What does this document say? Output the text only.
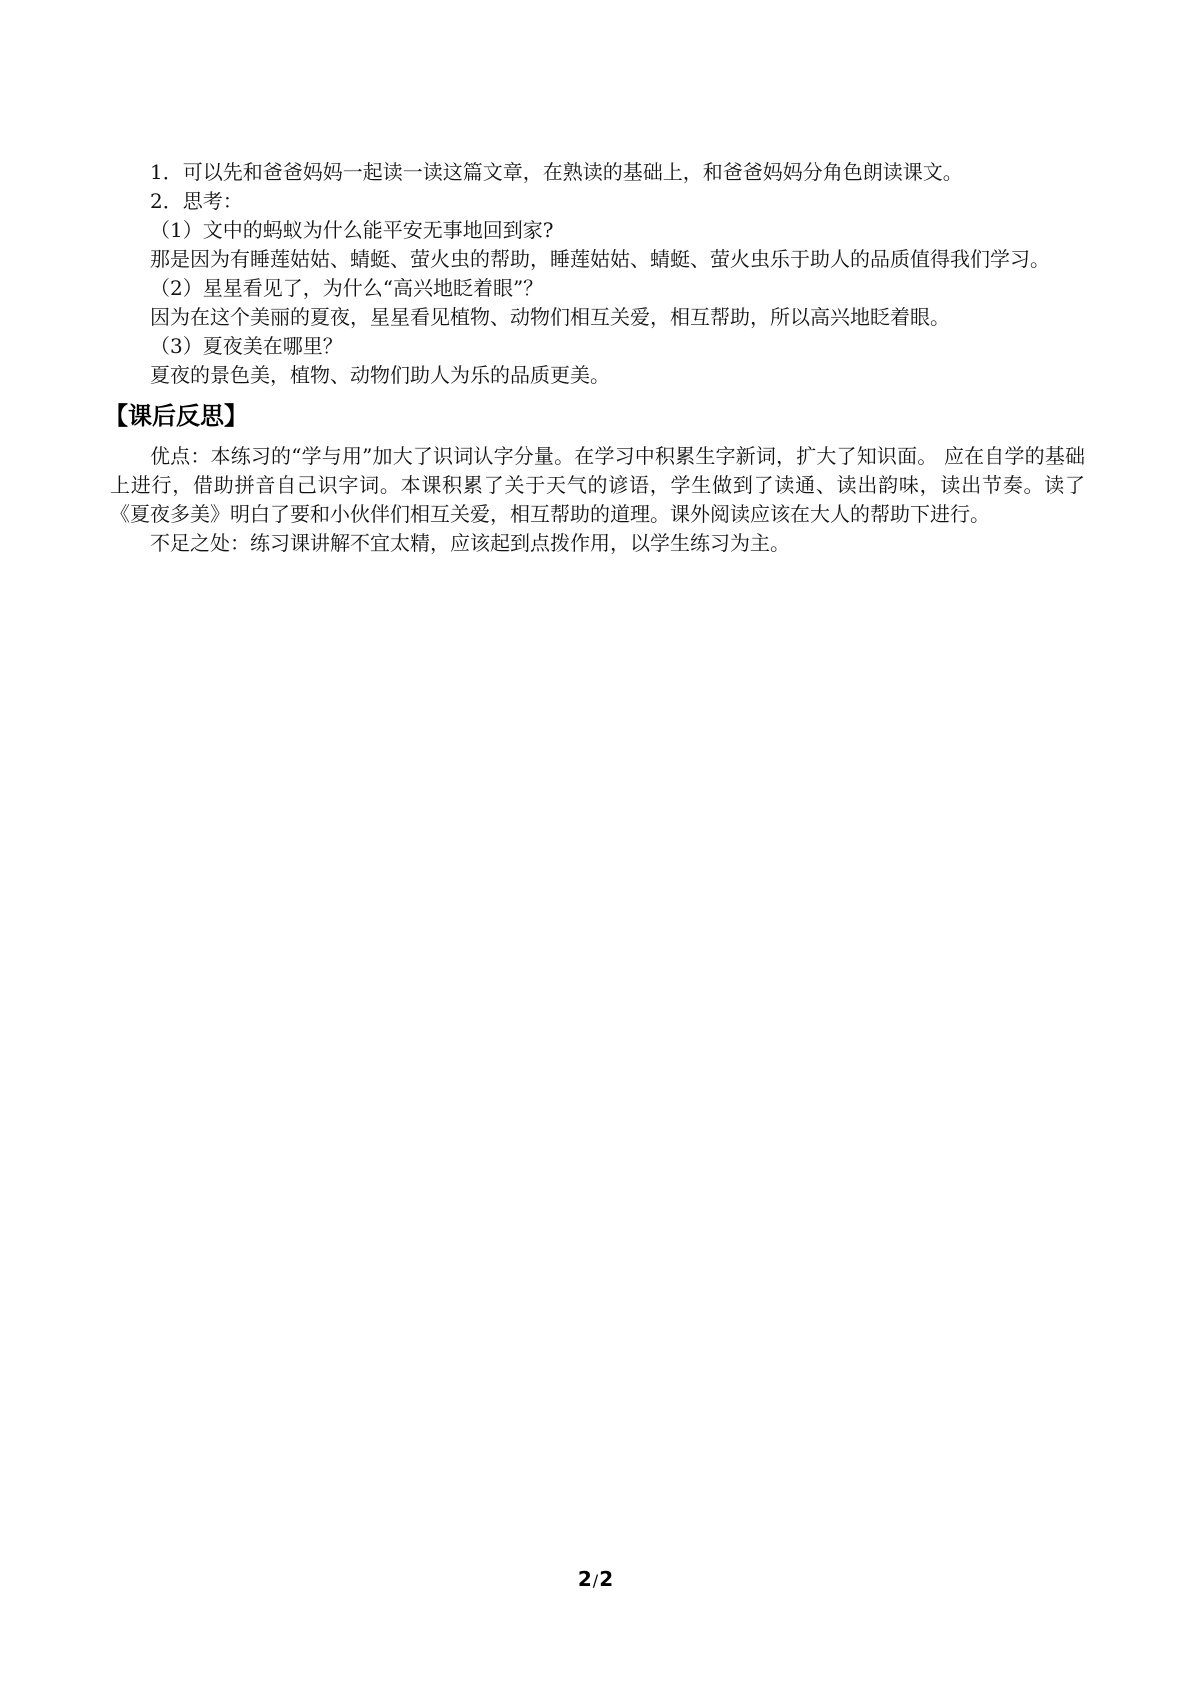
1．可以先和爸爸妈妈一起读一读这篇文章，在熟读的基础上，和爸爸妈妈分角色朗读课文。

2．思考：

（1）文中的蚂蚁为什么能平安无事地回到家?

那是因为有睡莲姑姑、蜻蜓、萤火虫的帮助，睡莲姑姑、蜻蜓、萤火虫乐于助人的品质值得我们学习。

（2）星星看见了，为什么“高兴地眨着眼”？

因为在这个美丽的夏夜，星星看见植物、动物们相互关爱，相互帮助，所以高兴地眨着眼。

（3）夏夜美在哪里？

夏夜的景色美，植物、动物们助人为乐的品质更美。

【课后反思】

优点：本练习的“学与用”加大了识词认字分量。在学习中积累生字新词，扩大了知识面。 应在自学的基础上进行，借助拼音自己识字词。本课积累了关于天气的谚语，学生做到了读通、读出韵味，读出节奏。读了《夏夜多美》明白了要和小伙伴们相互关爱，相互帮助的道理。课外阅读应该在大人的帮助下进行。

不足之处：练习课讲解不宜太精，应该起到点拨作用，以学生练习为主。

2/2
